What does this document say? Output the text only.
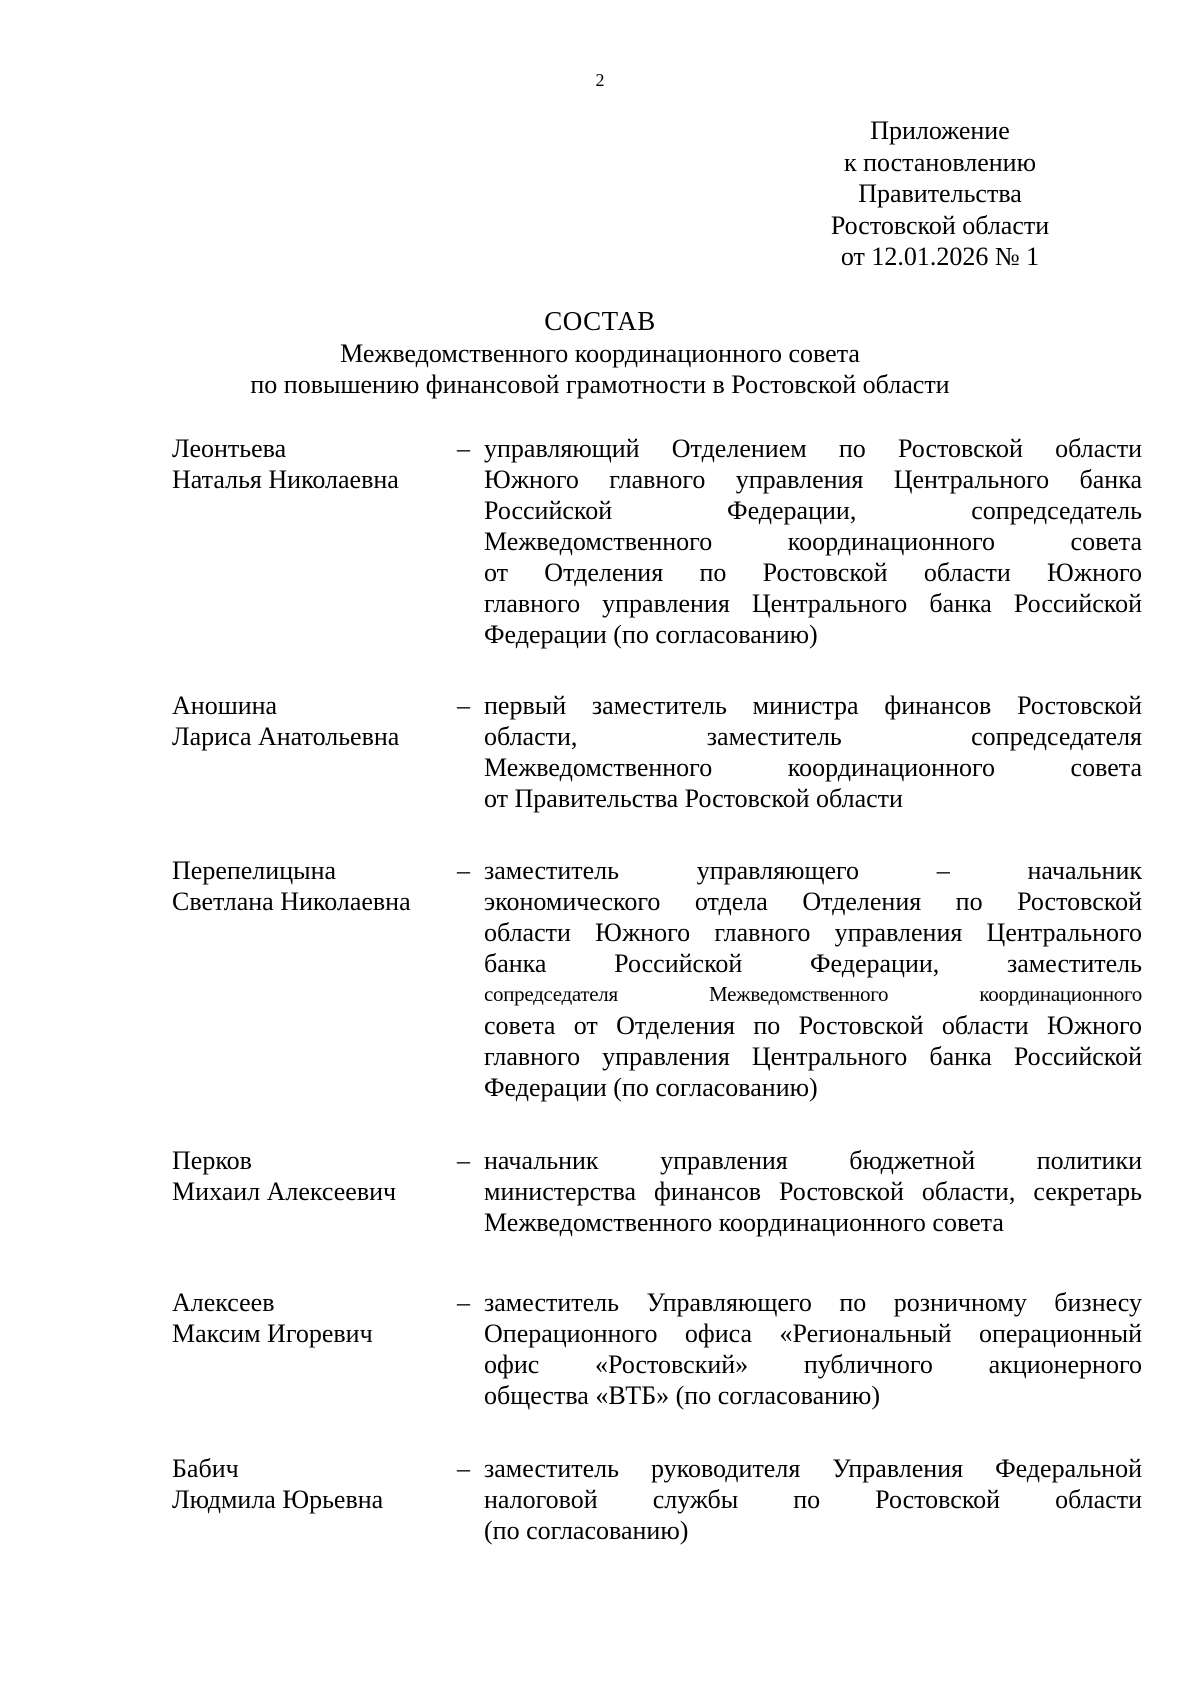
2
Приложение
к постановлению
Правительства
Ростовской области
от 12.01.2026 № 1
СОСТАВ
Межведомственного координационного совета
по повышению финансовой грамотности в Ростовской области
Леонтьева
Наталья Николаевна
– управляющий Отделением по Ростовской области
Южного главного управления Центрального банка
Российской Федерации, сопредседатель
Межведомственного координационного совета
от Отделения по Ростовской области Южного
главного управления Центрального банка Российской
Федерации (по согласованию)
Аношина
Лариса Анатольевна
– первый заместитель министра финансов Ростовской
области, заместитель сопредседателя
Межведомственного координационного совета
от Правительства Ростовской области
Перепелицына
Светлана Николаевна
– заместитель управляющего – начальник
экономического отдела Отделения по Ростовской
области Южного главного управления Центрального
банка Российской Федерации, заместитель
сопредседателя Межведомственного координационного
совета от Отделения по Ростовской области Южного
главного управления Центрального банка Российской
Федерации (по согласованию)
Перков
Михаил Алексеевич
– начальник управления бюджетной политики
министерства финансов Ростовской области, секретарь
Межведомственного координационного совета
Алексеев
Максим Игоревич
– заместитель Управляющего по розничному бизнесу
Операционного офиса «Региональный операционный
офис «Ростовский» публичного акционерного
общества «ВТБ» (по согласованию)
Бабич
Людмила Юрьевна
– заместитель руководителя Управления Федеральной
налоговой службы по Ростовской области
(по согласованию)
